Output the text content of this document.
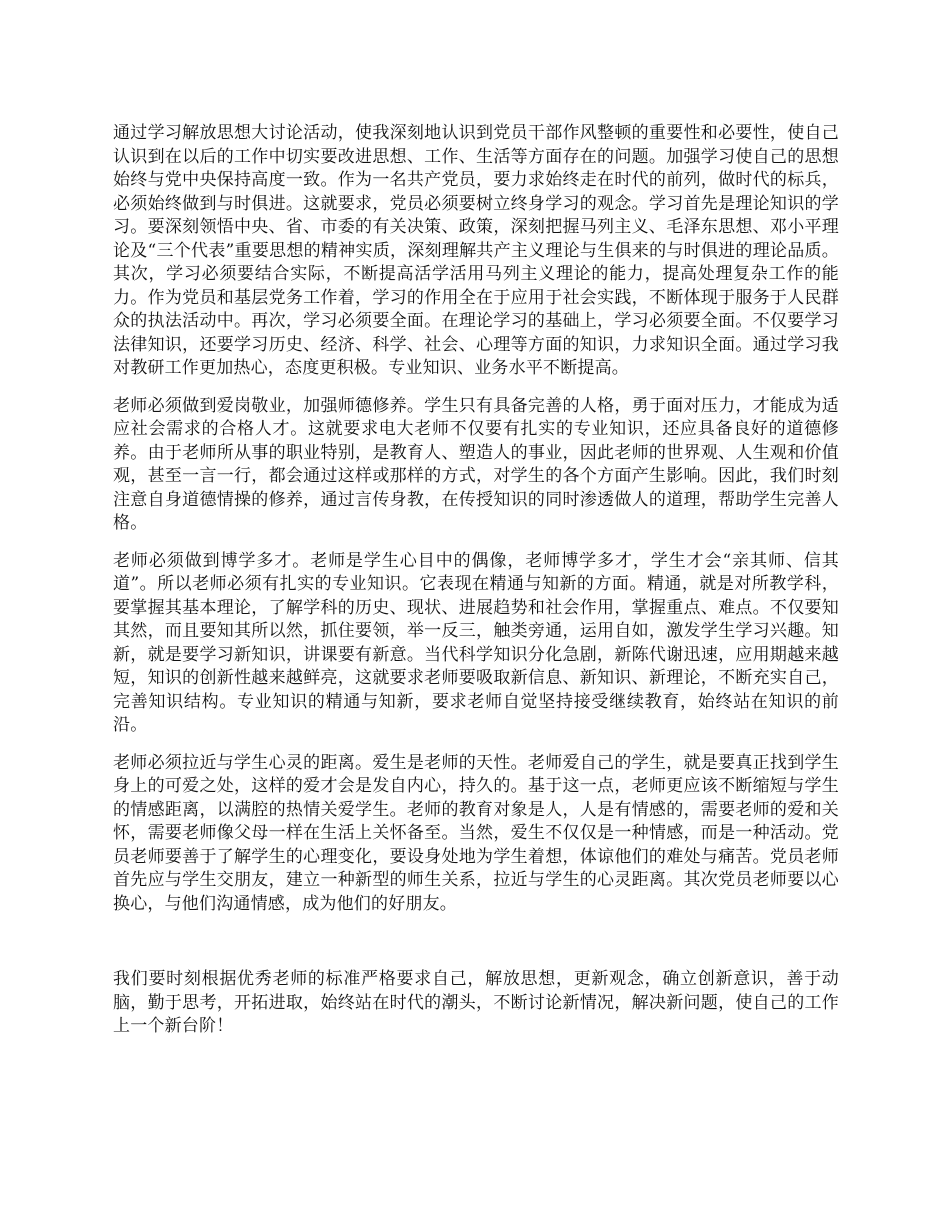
通过学习解放思想大讨论活动，使我深刻地认识到党员干部作风整顿的重要性和必要性，使自己认识到在以后的工作中切实要改进思想、工作、生活等方面存在的问题。加强学习使自己的思想始终与党中央保持高度一致。作为一名共产党员，要力求始终走在时代的前列，做时代的标兵，必须始终做到与时俱进。这就要求，党员必须要树立终身学习的观念。学习首先是理论知识的学习。要深刻领悟中央、省、市委的有关决策、政策，深刻把握马列主义、毛泽东思想、邓小平理论及“三个代表”重要思想的精神实质，深刻理解共产主义理论与生俱来的与时俱进的理论品质。其次，学习必须要结合实际，不断提高活学活用马列主义理论的能力，提高处理复杂工作的能力。作为党员和基层党务工作着，学习的作用全在于应用于社会实践，不断体现于服务于人民群众的执法活动中。再次，学习必须要全面。在理论学习的基础上，学习必须要全面。不仅要学习法律知识，还要学习历史、经济、科学、社会、心理等方面的知识，力求知识全面。通过学习我对教研工作更加热心，态度更积极。专业知识、业务水平不断提高。

老师必须做到爱岗敬业，加强师德修养。学生只有具备完善的人格，勇于面对压力，才能成为适应社会需求的合格人才。这就要求电大老师不仅要有扎实的专业知识，还应具备良好的道德修养。由于老师所从事的职业特别，是教育人、塑造人的事业，因此老师的世界观、人生观和价值观，甚至一言一行，都会通过这样或那样的方式，对学生的各个方面产生影响。因此，我们时刻注意自身道德情操的修养，通过言传身教，在传授知识的同时渗透做人的道理，帮助学生完善人格。

老师必须做到博学多才。老师是学生心目中的偶像，老师博学多才，学生才会“亲其师、信其道”。所以老师必须有扎实的专业知识。它表现在精通与知新的方面。精通，就是对所教学科，要掌握其基本理论，了解学科的历史、现状、进展趋势和社会作用，掌握重点、难点。不仅要知其然，而且要知其所以然，抓住要领，举一反三，触类旁通，运用自如，激发学生学习兴趣。知新，就是要学习新知识，讲课要有新意。当代科学知识分化急剧，新陈代谢迅速，应用期越来越短，知识的创新性越来越鲜亮，这就要求老师要吸取新信息、新知识、新理论，不断充实自己，完善知识结构。专业知识的精通与知新，要求老师自觉坚持接受继续教育，始终站在知识的前沿。

老师必须拉近与学生心灵的距离。爱生是老师的天性。老师爱自己的学生，就是要真正找到学生身上的可爱之处，这样的爱才会是发自内心，持久的。基于这一点，老师更应该不断缩短与学生的情感距离，以满腔的热情关爱学生。老师的教育对象是人，人是有情感的，需要老师的爱和关怀，需要老师像父母一样在生活上关怀备至。当然，爱生不仅仅是一种情感，而是一种活动。党员老师要善于了解学生的心理变化，要设身处地为学生着想，体谅他们的难处与痛苦。党员老师首先应与学生交朋友，建立一种新型的师生关系，拉近与学生的心灵距离。其次党员老师要以心换心，与他们沟通情感，成为他们的好朋友。

我们要时刻根据优秀老师的标准严格要求自己，解放思想，更新观念，确立创新意识，善于动脑，勤于思考，开拓进取，始终站在时代的潮头，不断讨论新情况，解决新问题，使自己的工作上一个新台阶！
